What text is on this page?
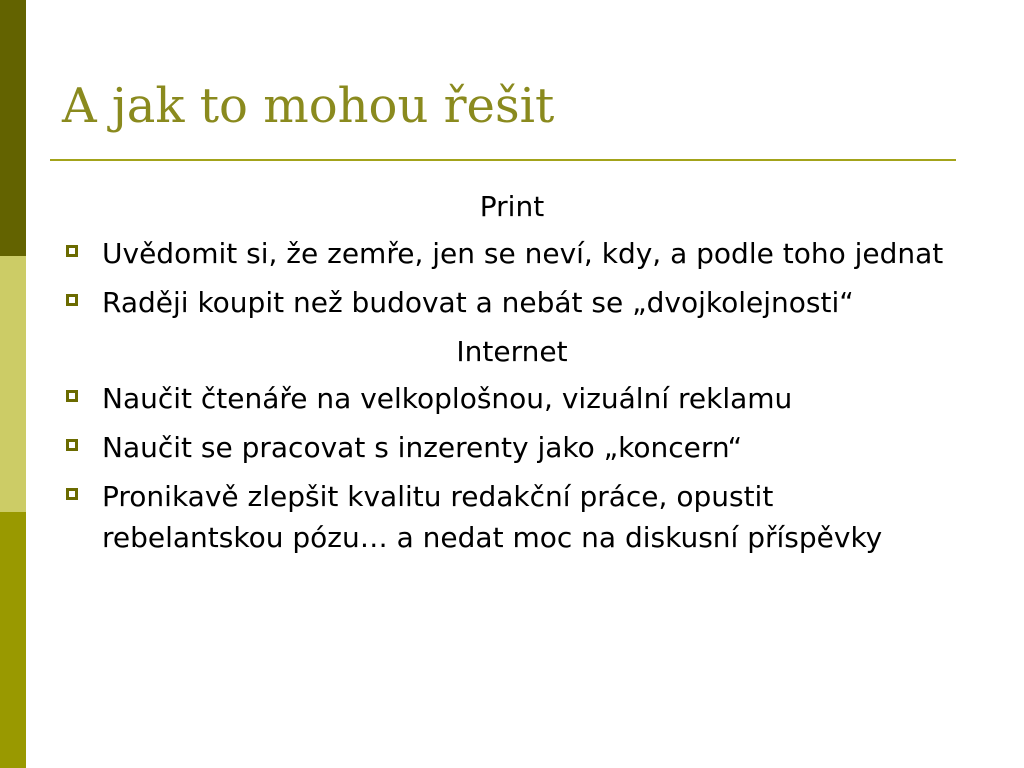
A jak to mohou řešit

Print

Uvědomit si, že zemře, jen se neví, kdy, a podle toho jednat

Raději koupit než budovat a nebát se „dvojkolejnosti“

Internet

Naučit čtenáře na velkoplošnou, vizuální reklamu

Naučit se pracovat s inzerenty jako „koncern“

Pronikavě zlepšit kvalitu redakční práce, opustit rebelantskou pózu… a nedat moc na diskusní příspěvky
